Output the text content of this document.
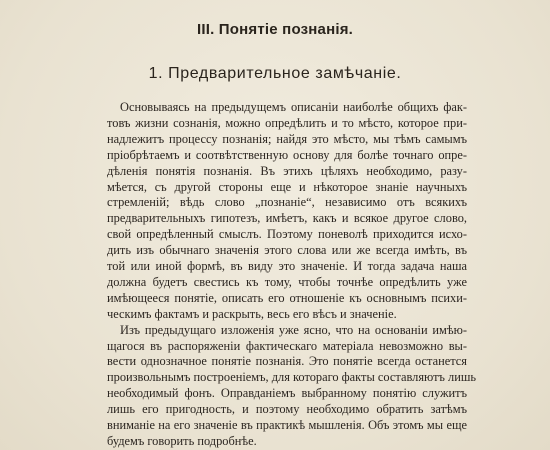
III. Понятіе познанія.
1. Предварительное замѣчаніе.
Основываясь на предыдущемъ описаніи наиболѣе общихъ фак-
товъ жизни сознанія, можно опредѣлить и то мѣсто, которое при-
надлежитъ процессу познанія; найдя это мѣсто, мы тѣмъ самымъ
пріобрѣтаемъ и соотвѣтственную основу для болѣе точнаго опре-
дѣленія понятія познанія. Въ этихъ цѣляхъ необходимо, разу-
мѣется, съ другой стороны еще и нѣкоторое знаніе научныхъ
стремленій; вѣдь слово „познаніе“, независимо отъ всякихъ
предварительныхъ гипотезъ, имѣетъ, какъ и всякое другое слово,
свой опредѣленный смыслъ. Поэтому поневолѣ приходится исхо-
дить изъ обычнаго значенія этого слова или же всегда имѣть, въ
той или иной формѣ, въ виду это значеніе. И тогда задача наша
должна будетъ свестись къ тому, чтобы точнѣе опредѣлить уже
имѣющееся понятіе, описать его отношеніе къ основнымъ психи-
ческимъ фактамъ и раскрыть, весь его вѣсъ и значеніе.
Изъ предыдущаго изложенія уже ясно, что на основаніи имѣю-
щагося въ распоряженіи фактическаго матеріала невозможно вы-
вести однозначное понятіе познанія. Это понятіе всегда останется
произвольнымъ построеніемъ, для котораго факты составляютъ лишь
необходимый фонъ. Оправданіемъ выбранному понятію служитъ
лишь его пригодность, и поэтому необходимо обратить затѣмъ
вниманіе на его значеніе въ практикѣ мышленія. Объ этомъ мы еще
будемъ говорить подробнѣе.
